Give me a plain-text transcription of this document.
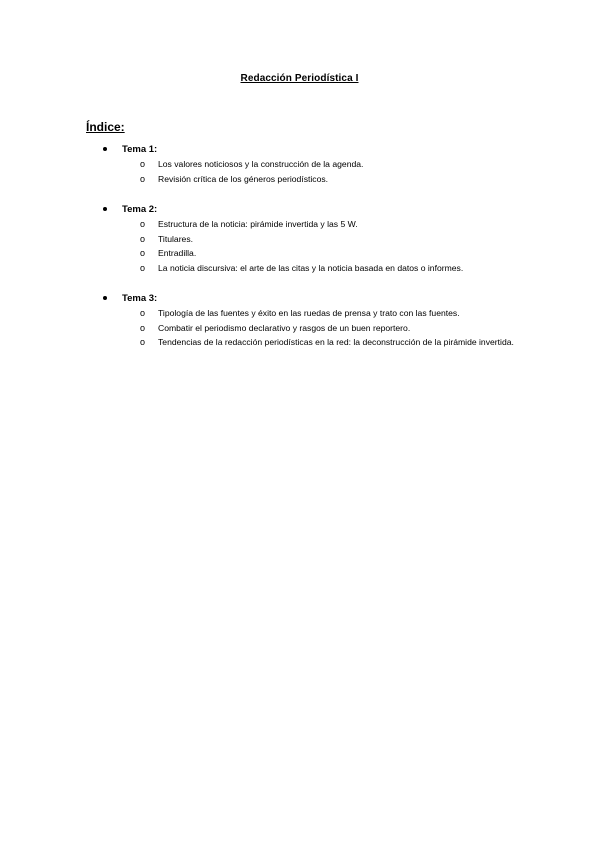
Redacción Periodística I
Índice:
Tema 1:
o Los valores noticiosos y la construcción de la agenda.
o Revisión crítica de los géneros periodísticos.
Tema 2:
o Estructura de la noticia: pirámide invertida y las 5 W.
o Titulares.
o Entradilla.
o La noticia discursiva: el arte de las citas y la noticia basada en datos o informes.
Tema 3:
o Tipología de las fuentes y éxito en las ruedas de prensa y trato con las fuentes.
o Combatir el periodismo declarativo y rasgos de un buen reportero.
o Tendencias de la redacción periodísticas en la red: la deconstrucción de la pirámide invertida.
